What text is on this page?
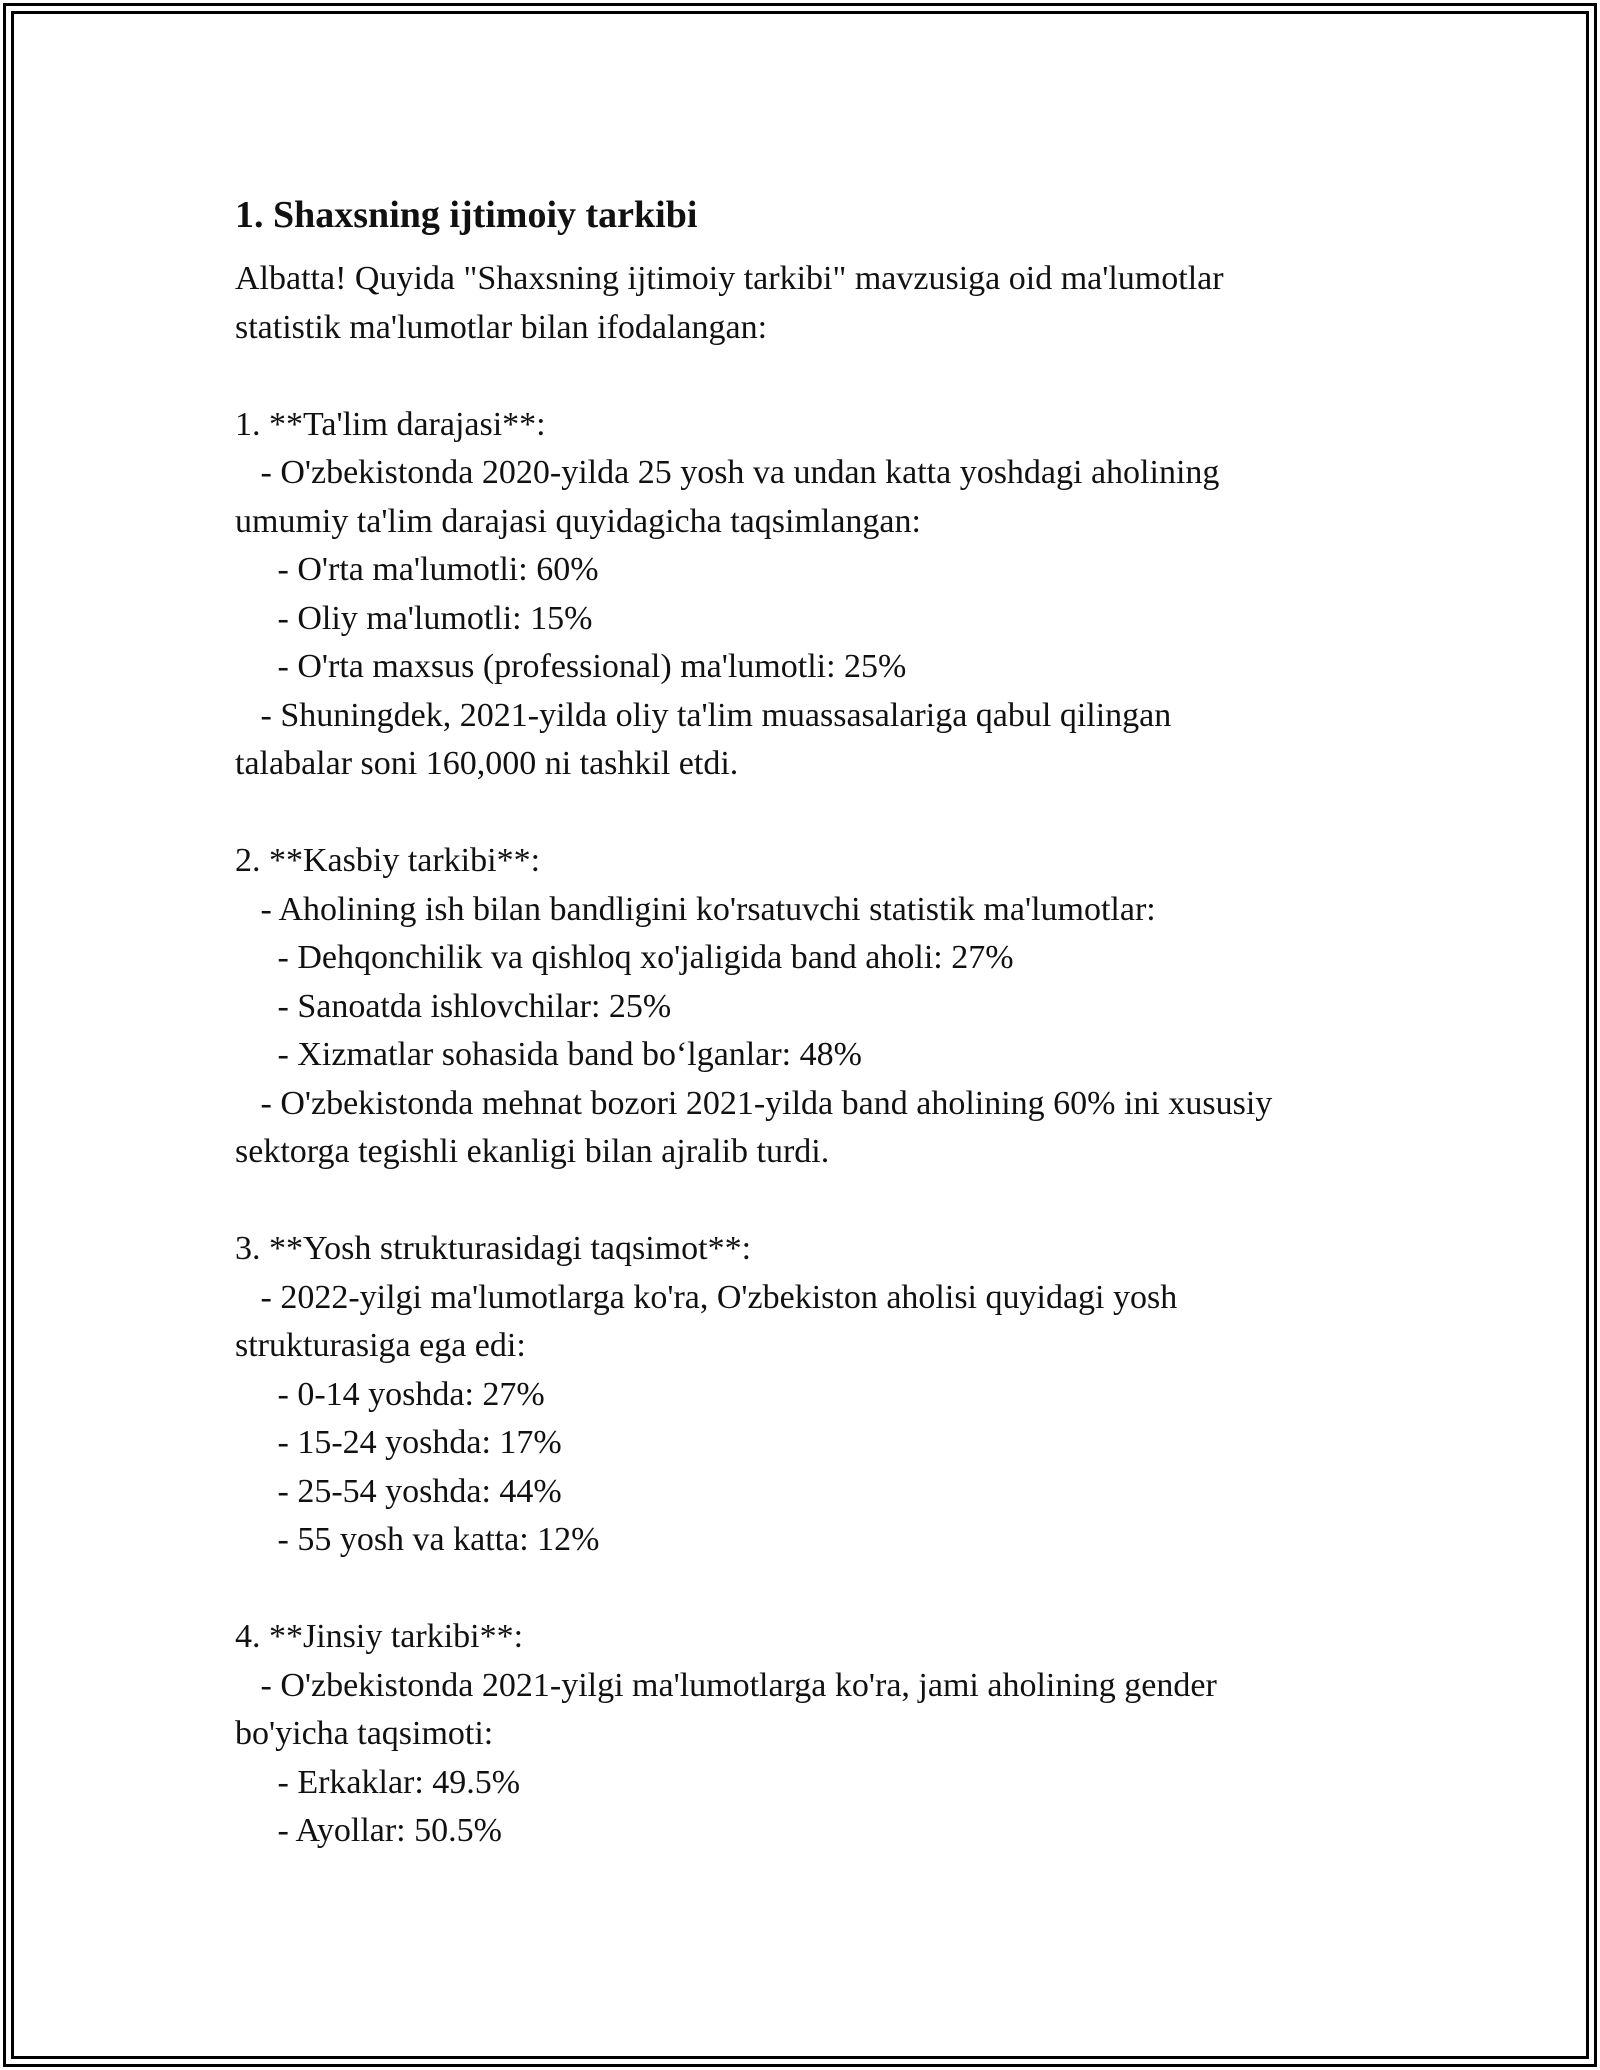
1. Shaxsning ijtimoiy tarkibi

Albatta! Quyida "Shaxsning ijtimoiy tarkibi" mavzusiga oid ma'lumotlar

statistik ma'lumotlar bilan ifodalangan:

1. **Ta'lim darajasi**:

- O'zbekistonda 2020-yilda 25 yosh va undan katta yoshdagi aholining

umumiy ta'lim darajasi quyidagicha taqsimlangan:

- O'rta ma'lumotli: 60%

- Oliy ma'lumotli: 15%

- O'rta maxsus (professional) ma'lumotli: 25%

- Shuningdek, 2021-yilda oliy ta'lim muassasalariga qabul qilingan

talabalar soni 160,000 ni tashkil etdi.

2. **Kasbiy tarkibi**:

- Aholining ish bilan bandligini ko'rsatuvchi statistik ma'lumotlar:

- Dehqonchilik va qishloq xo'jaligida band aholi: 27%

- Sanoatda ishlovchilar: 25%

- Xizmatlar sohasida band bo‘lganlar: 48%

- O'zbekistonda mehnat bozori 2021-yilda band aholining 60% ini xususiy

sektorga tegishli ekanligi bilan ajralib turdi.

3. **Yosh strukturasidagi taqsimot**:

- 2022-yilgi ma'lumotlarga ko'ra, O'zbekiston aholisi quyidagi yosh

strukturasiga ega edi:

- 0-14 yoshda: 27%

- 15-24 yoshda: 17%

- 25-54 yoshda: 44%

- 55 yosh va katta: 12%

4. **Jinsiy tarkibi**:

- O'zbekistonda 2021-yilgi ma'lumotlarga ko'ra, jami aholining gender

bo'yicha taqsimoti:

- Erkaklar: 49.5%

- Ayollar: 50.5%
